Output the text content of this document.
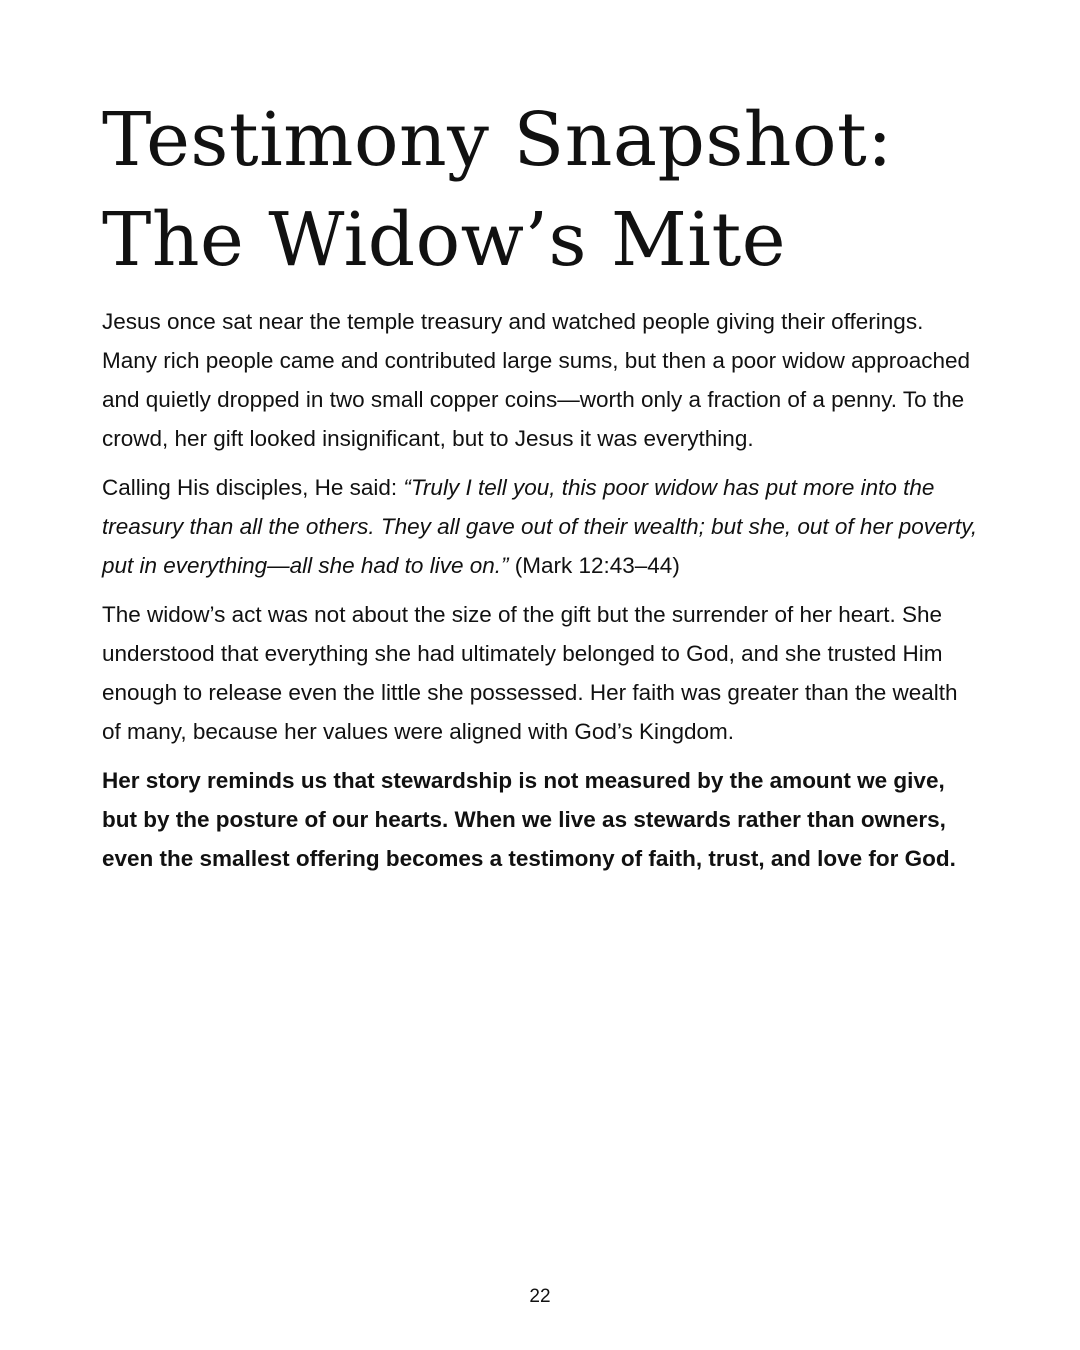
Testimony Snapshot:
The Widow’s Mite

Jesus once sat near the temple treasury and watched people giving their offerings. Many rich people came and contributed large sums, but then a poor widow approached and quietly dropped in two small copper coins—worth only a fraction of a penny. To the crowd, her gift looked insignificant, but to Jesus it was everything.

Calling His disciples, He said: “Truly I tell you, this poor widow has put more into the treasury than all the others. They all gave out of their wealth; but she, out of her poverty, put in everything—all she had to live on.” (Mark 12:43–44)

The widow’s act was not about the size of the gift but the surrender of her heart. She understood that everything she had ultimately belonged to God, and she trusted Him enough to release even the little she possessed. Her faith was greater than the wealth of many, because her values were aligned with God’s Kingdom.

Her story reminds us that stewardship is not measured by the amount we give, but by the posture of our hearts. When we live as stewards rather than owners, even the smallest offering becomes a testimony of faith, trust, and love for God.

22
